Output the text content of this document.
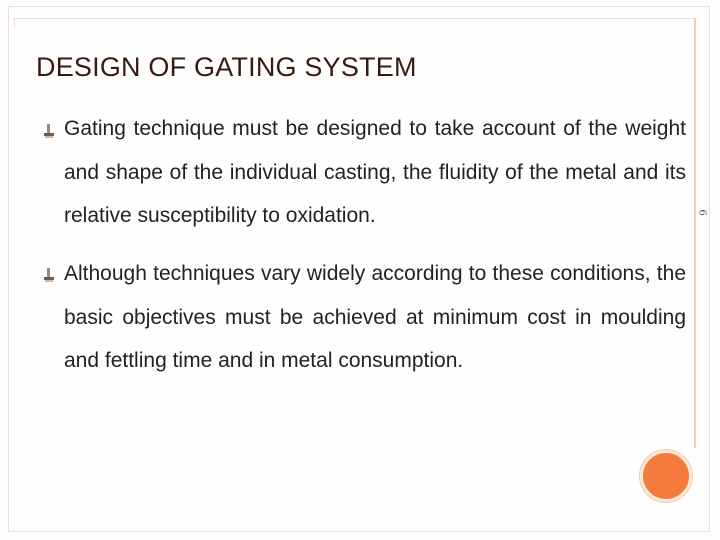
DESIGN OF GATING SYSTEM
Gating technique must be designed to take account of the weight and shape of the individual casting, the fluidity of the metal and its relative susceptibility to oxidation.
Although techniques vary widely according to these conditions, the basic objectives must be achieved at minimum cost in moulding and fettling time and in metal consumption.
6
